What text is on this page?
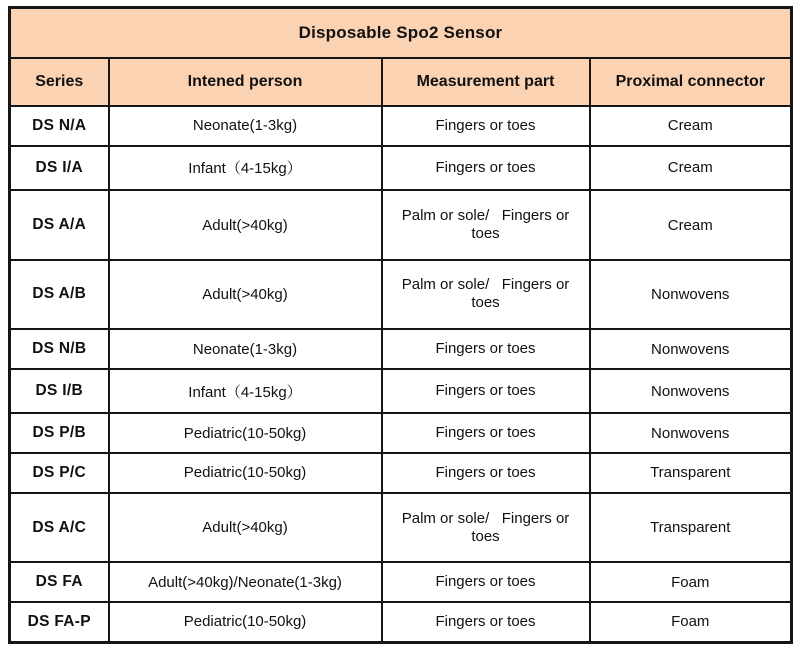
Disposable Spo2 Sensor			
Series	Intened person	Measurement part	Proximal connector
DS N/A	Neonate(1-3kg)	Fingers or toes	Cream
DS I/A	Infant（4-15kg）	Fingers or toes	Cream
DS A/A	Adult(>40kg)	Palm or sole/   Fingers or toes	Cream
DS A/B	Adult(>40kg)	Palm or sole/   Fingers or toes	Nonwovens
DS N/B	Neonate(1-3kg)	Fingers or toes	Nonwovens
DS I/B	Infant（4-15kg）	Fingers or toes	Nonwovens
DS P/B	Pediatric(10-50kg)	Fingers or toes	Nonwovens
DS P/C	Pediatric(10-50kg)	Fingers or toes	Transparent
DS A/C	Adult(>40kg)	Palm or sole/   Fingers or toes	Transparent
DS FA	Adult(>40kg)/Neonate(1-3kg)	Fingers or toes	Foam
DS FA-P	Pediatric(10-50kg)	Fingers or toes	Foam
